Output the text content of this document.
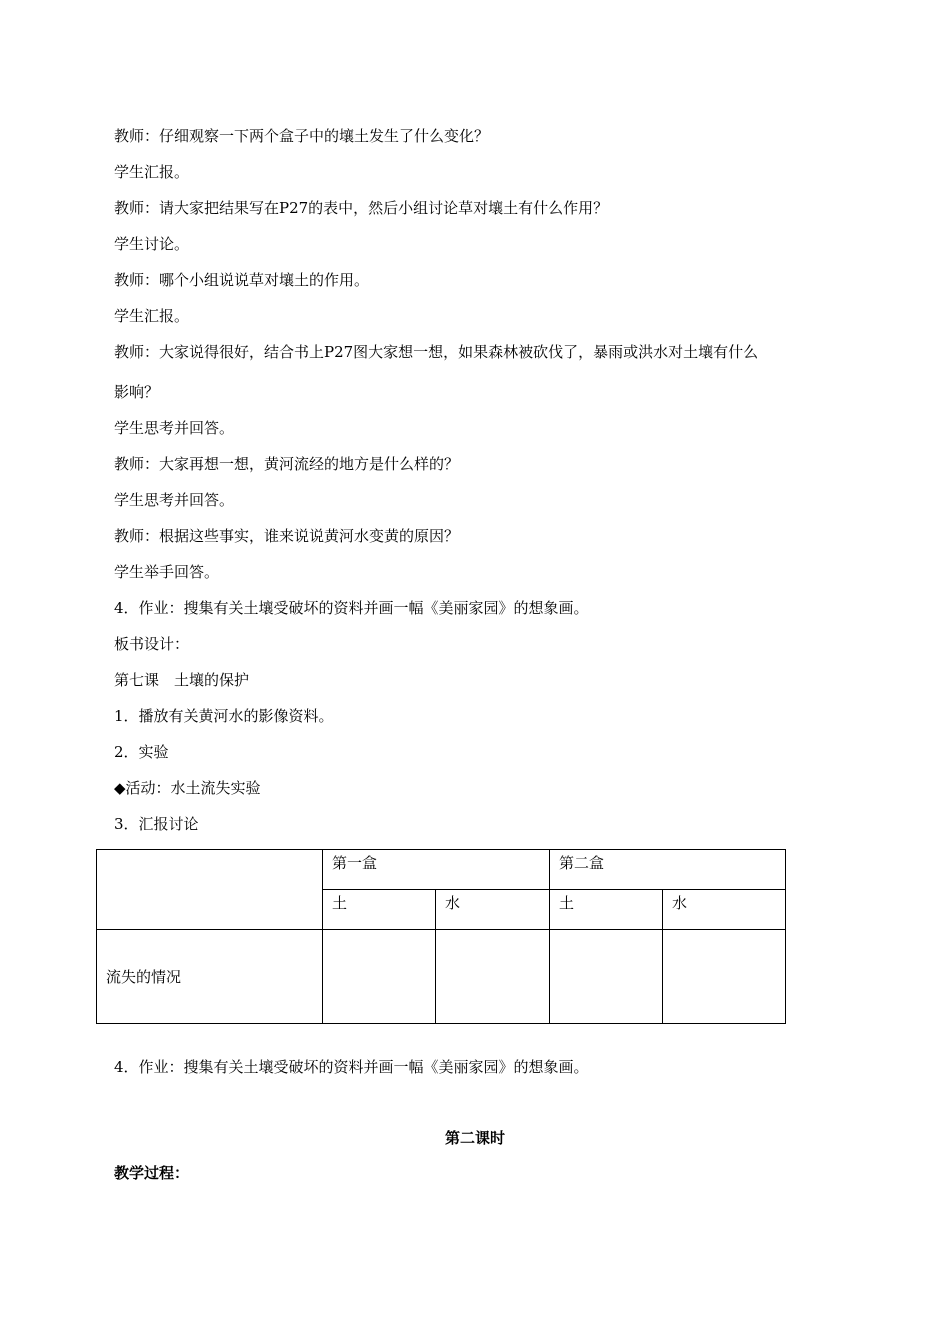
教师：仔细观察一下两个盒子中的壤土发生了什么变化？
学生汇报。
教师：请大家把结果写在P27的表中，然后小组讨论草对壤土有什么作用？
学生讨论。
教师：哪个小组说说草对壤土的作用。
学生汇报。
教师：大家说得很好，结合书上P27图大家想一想，如果森林被砍伐了，暴雨或洪水对土壤有什么
影响？
学生思考并回答。
教师：大家再想一想，黄河流经的地方是什么样的？
学生思考并回答。
教师：根据这些事实，谁来说说黄河水变黄的原因？
学生举手回答。
4．作业：搜集有关土壤受破坏的资料并画一幅《美丽家园》的想象画。
板书设计：
第七课　土壤的保护
1．播放有关黄河水的影像资料。
2．实验
◆活动：水土流失实验
3．汇报讨论
	第一盒		第二盒	
	土	水	土	水
流失的情况				
4．作业：搜集有关土壤受破坏的资料并画一幅《美丽家园》的想象画。
第二课时
教学过程：
